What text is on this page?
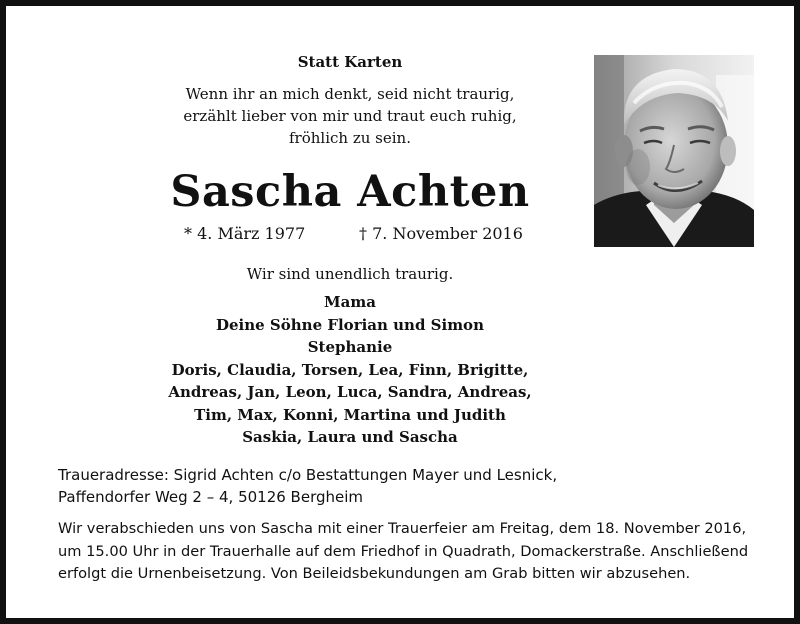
Statt Karten
Wenn ihr an mich denkt, seid nicht traurig,
erzählt lieber von mir und traut euch ruhig,
fröhlich zu sein.
Sascha Achten
* 4. März 1977	† 7. November 2016
Wir sind unendlich traurig.
Mama
Deine Söhne Florian und Simon
Stephanie
Doris, Claudia, Torsen, Lea, Finn, Brigitte,
Andreas, Jan, Leon, Luca, Sandra, Andreas,
Tim, Max, Konni, Martina und Judith
Saskia, Laura und Sascha
Traueradresse: Sigrid Achten c/o Bestattungen Mayer und Lesnick,
Paffendorfer Weg 2 – 4, 50126 Bergheim
Wir verabschieden uns von Sascha mit einer Trauerfeier am Freitag, dem 18. November 2016,
um 15.00 Uhr in der Trauerhalle auf dem Friedhof in Quadrath, Domackerstraße. Anschließend
erfolgt die Urnenbeisetzung. Von Beileidsbekundungen am Grab bitten wir abzusehen.
